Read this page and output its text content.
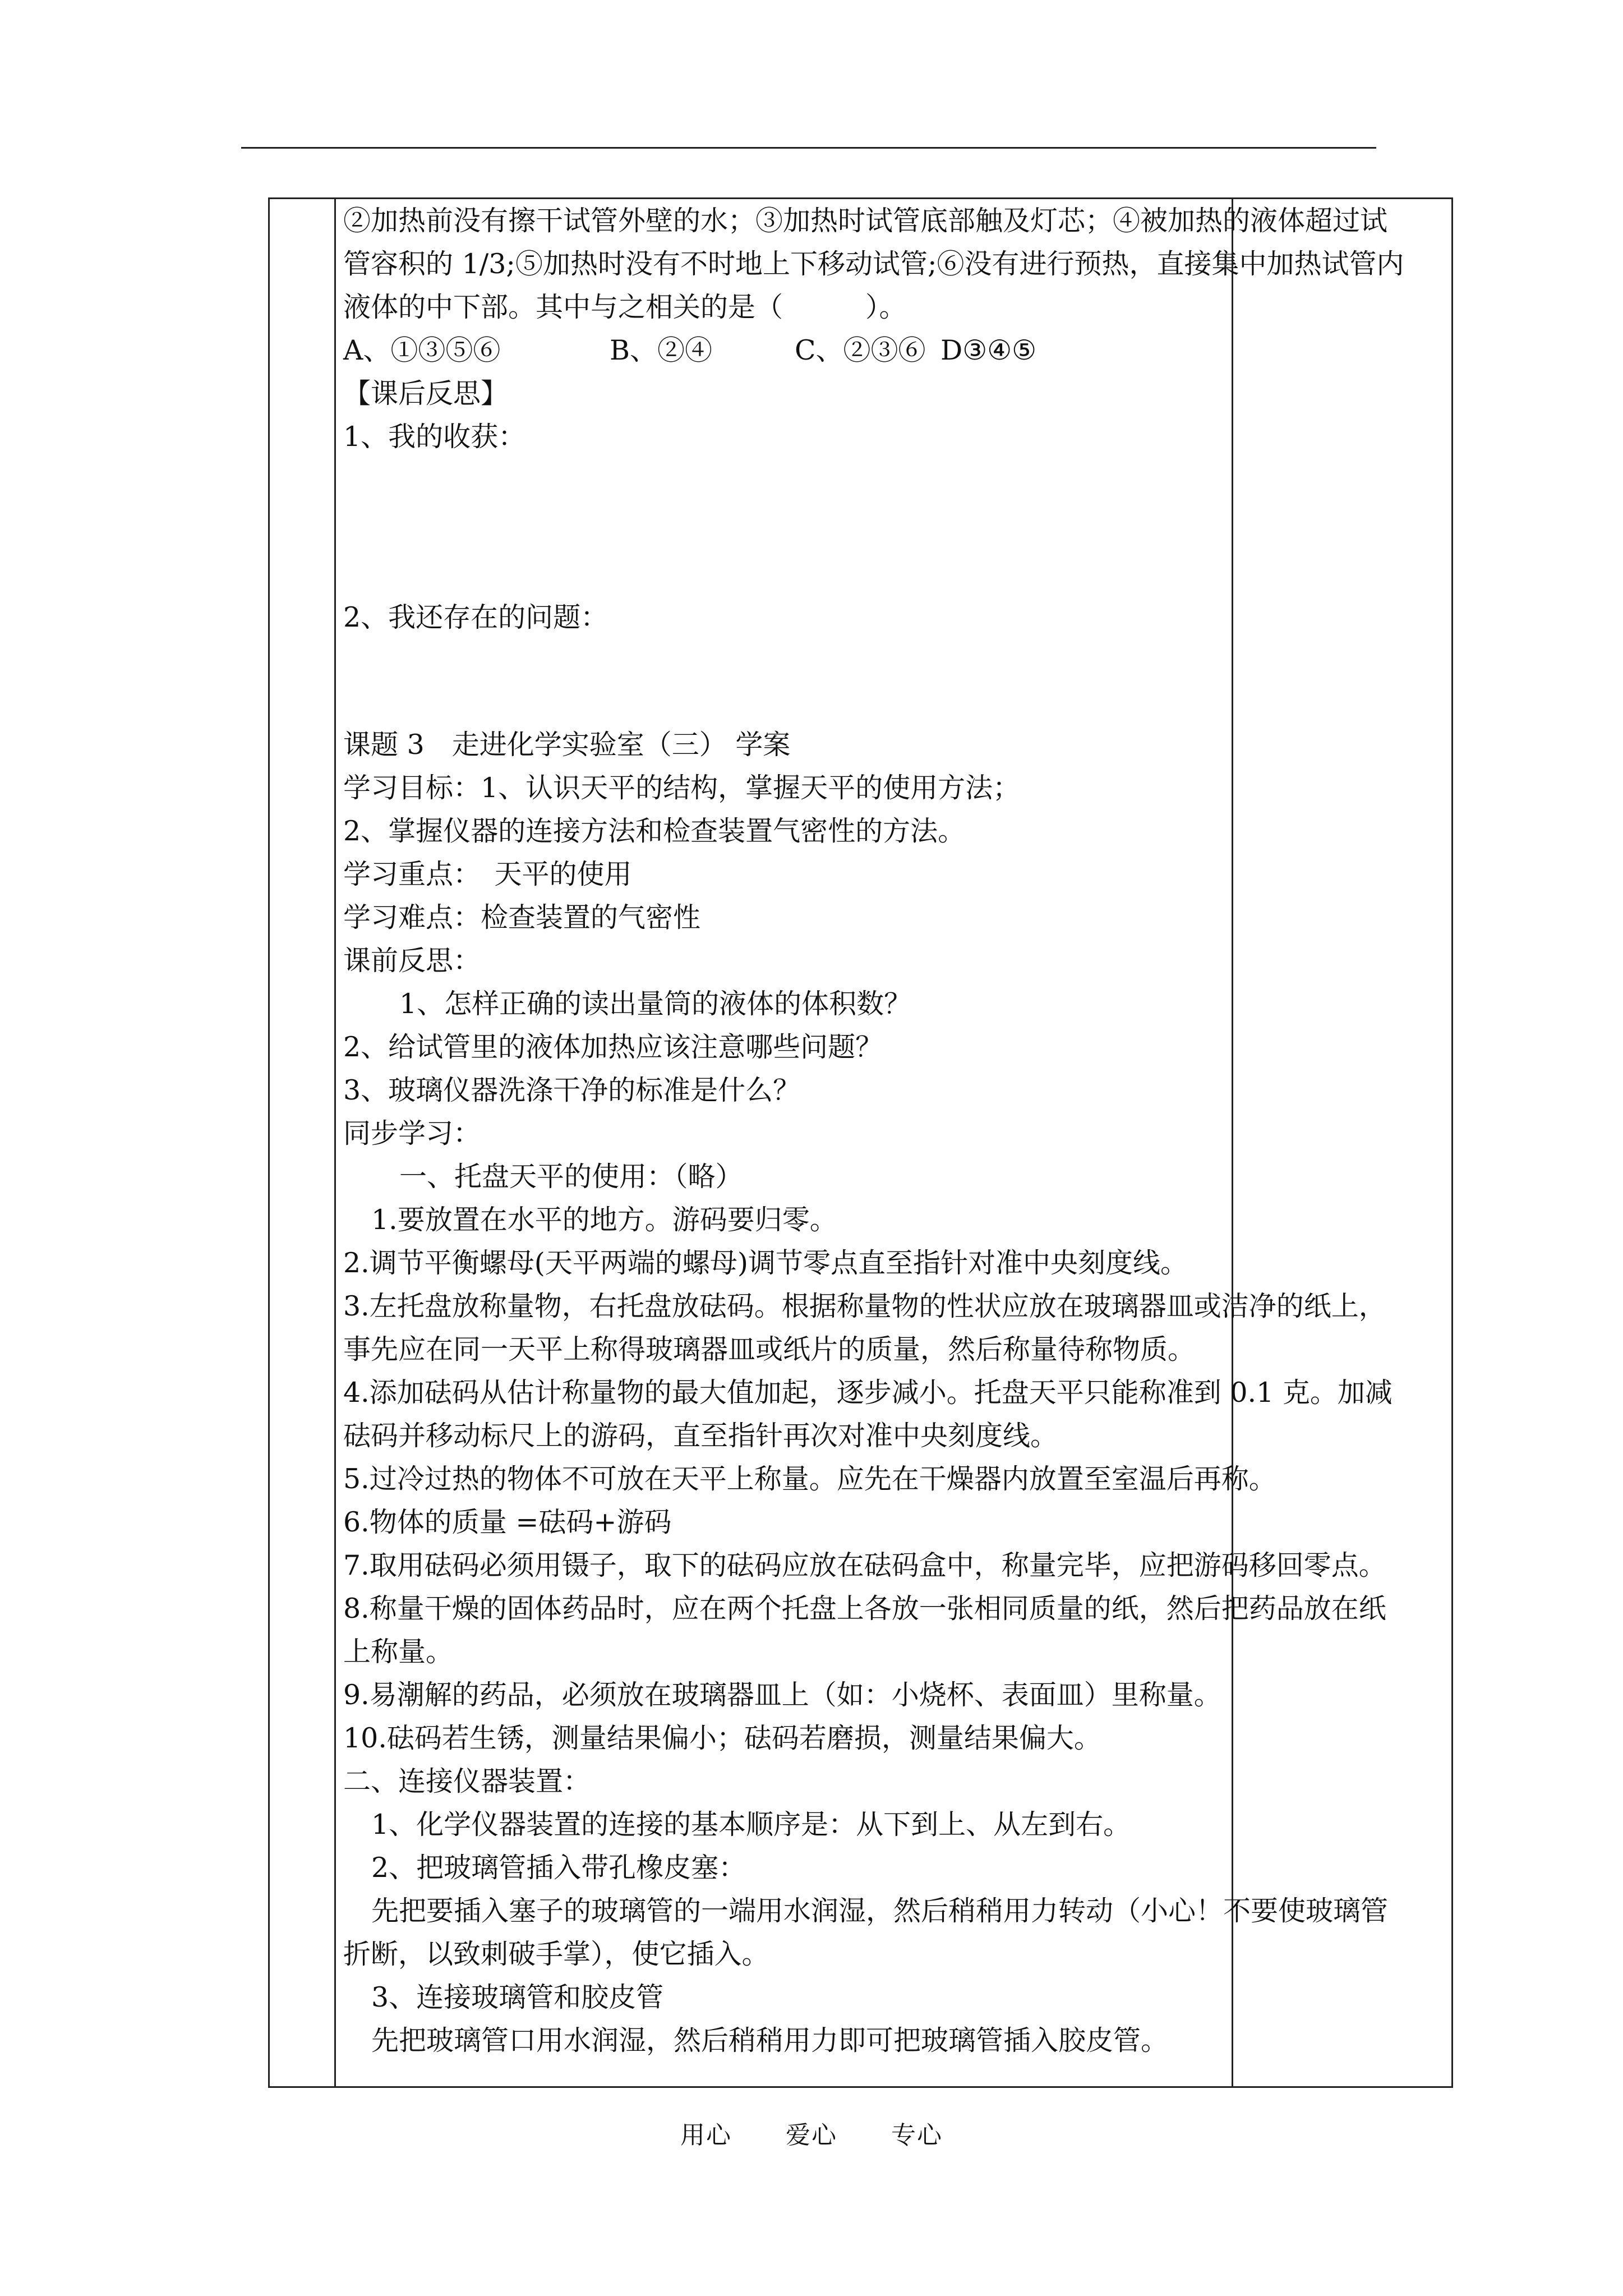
②加热前没有擦干试管外壁的水；③加热时试管底部触及灯芯；④被加热的液体超过试

管容积的 1/3;⑤加热时没有不时地上下移动试管;⑥没有进行预热，直接集中加热试管内

液体的中下部。其中与之相关的是（　　　）。

A、①③⑤⑥	B、②④	C、②③⑥ D③④⑤

【课后反思】

1、我的收获：

2、我还存在的问题：

课题 3　走进化学实验室（三） 学案

学习目标：1、认识天平的结构，掌握天平的使用方法；

2、掌握仪器的连接方法和检查装置气密性的方法。

学习重点：　天平的使用

学习难点：检查装置的气密性

课前反思：

1、怎样正确的读出量筒的液体的体积数？

2、给试管里的液体加热应该注意哪些问题？

3、玻璃仪器洗涤干净的标准是什么？

同步学习：

一、托盘天平的使用：（略）

1.要放置在水平的地方。游码要归零。

2.调节平衡螺母(天平两端的螺母)调节零点直至指针对准中央刻度线。

3.左托盘放称量物，右托盘放砝码。根据称量物的性状应放在玻璃器皿或洁净的纸上，

事先应在同一天平上称得玻璃器皿或纸片的质量，然后称量待称物质。

4.添加砝码从估计称量物的最大值加起，逐步减小。托盘天平只能称准到 0.1 克。加减

砝码并移动标尺上的游码，直至指针再次对准中央刻度线。

5.过冷过热的物体不可放在天平上称量。应先在干燥器内放置至室温后再称。

6.物体的质量 =砝码+游码

7.取用砝码必须用镊子，取下的砝码应放在砝码盒中，称量完毕，应把游码移回零点。

8.称量干燥的固体药品时，应在两个托盘上各放一张相同质量的纸，然后把药品放在纸

上称量。

9.易潮解的药品，必须放在玻璃器皿上（如：小烧杯、表面皿）里称量。

10.砝码若生锈，测量结果偏小；砝码若磨损，测量结果偏大。

二、连接仪器装置：

1、化学仪器装置的连接的基本顺序是：从下到上、从左到右。

2、把玻璃管插入带孔橡皮塞：

先把要插入塞子的玻璃管的一端用水润湿，然后稍稍用力转动（小心！不要使玻璃管

折断，以致刺破手掌），使它插入。

3、连接玻璃管和胶皮管

先把玻璃管口用水润湿，然后稍稍用力即可把玻璃管插入胶皮管。

用心 爱心 专心
